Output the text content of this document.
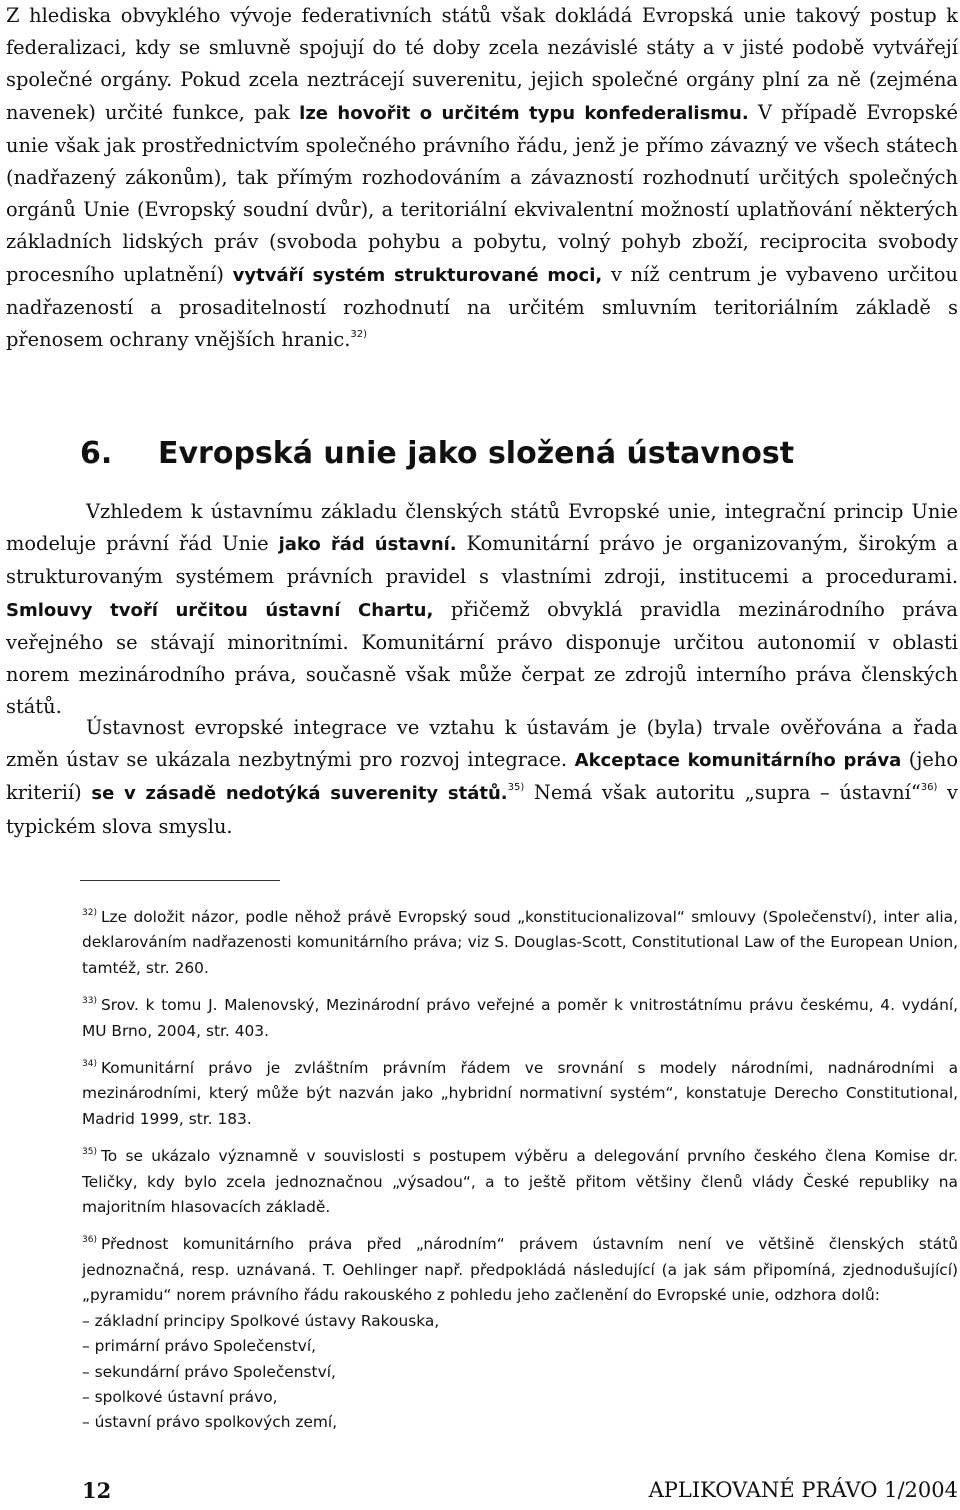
Z hlediska obvyklého vývoje federativních států však dokládá Evropská unie takový postup k federalizaci, kdy se smluvně spojují do té doby zcela nezávislé státy a v jisté podobě vytvářejí společné orgány. Pokud zcela neztrácejí suverenitu, jejich společné orgány plní za ně (zejména navenek) určité funkce, pak lze hovořit o určitém typu konfederalismu. V případě Evropské unie však jak prostřednictvím společného právního řádu, jenž je přímo závazný ve všech státech (nadřazený zákonům), tak přímým rozhodováním a závazností rozhodnutí určitých společných orgánů Unie (Evropský soudní dvůr), a teritoriální ekvivalentní možností uplatňování některých základních lidských práv (svoboda pohybu a pobytu, volný pohyb zboží, reciprocita svobody procesního uplatnění) vytváří systém strukturované moci, v níž centrum je vybaveno určitou nadřazeností a prosaditelností rozhodnutí na určitém smluvním teritoriálním základě s přenosem ochrany vnějších hranic.$^{32)}$

6. Evropská unie jako složená ústavnost

Vzhledem k ústavnímu základu členských států Evropské unie, integrační princip Unie modeluje právní řád Unie jako řád ústavní. Komunitární právo je organizovaným, širokým a strukturovaným systémem právních pravidel s vlastními zdroji, institucemi a procedurami. Smlouvy tvoří určitou ústavní Chartu, přičemž obvyklá pravidla mezinárodního práva veřejného se stávají minoritními. Komunitární právo disponuje určitou autonomií v oblasti norem mezinárodního práva, současně však může čerpat ze zdrojů interního práva členských států.

Ústavnost evropské integrace ve vztahu k ústavám je (byla) trvale ověřována a řada změn ústav se ukázala nezbytnými pro rozvoj integrace. Akceptace komunitárního práva (jeho kriterií) se v zásadě nedotýká suverenity států.$^{35)}$ Nemá však autoritu „supra – ústavní“$^{36)}$ v typickém slova smyslu.

$^{32)}$ Lze doložit názor, podle něhož právě Evropský soud „konstitucionalizoval“ smlouvy (Společenství), inter alia, deklarováním nadřazenosti komunitárního práva; viz S. Douglas-Scott, Constitutional Law of the European Union, tamtéž, str. 260.

$^{33)}$ Srov. k tomu J. Malenovský, Mezinárodní právo veřejné a poměr k vnitrostátnímu právu českému, 4. vydání, MU Brno, 2004, str. 403.

$^{34)}$ Komunitární právo je zvláštním právním řádem ve srovnání s modely národními, nadnárodními a mezinárodními, který může být nazván jako „hybridní normativní systém“, konstatuje Derecho Constitutional, Madrid 1999, str. 183.

$^{35)}$ To se ukázalo významně v souvislosti s postupem výběru a delegování prvního českého člena Komise dr. Teličky, kdy bylo zcela jednoznačnou „výsadou“, a to ještě přitom většiny členů vlády České republiky na majoritním hlasovacích základě.

$^{36)}$ Přednost komunitárního práva před „národním“ právem ústavním není ve většině členských států jednoznačná, resp. uznávaná. T. Oehlinger např. předpokládá následující (a jak sám připomíná, zjednodušující) „pyramidu“ norem právního řádu rakouského z pohledu jeho začlenění do Evropské unie, odzhora dolů:
– základní principy Spolkové ústavy Rakouska,
– primární právo Společenství,
– sekundární právo Společenství,
– spolkové ústavní právo,
– ústavní právo spolkových zemí,
12	APLIKOVANÉ PRÁVO 1/2004
